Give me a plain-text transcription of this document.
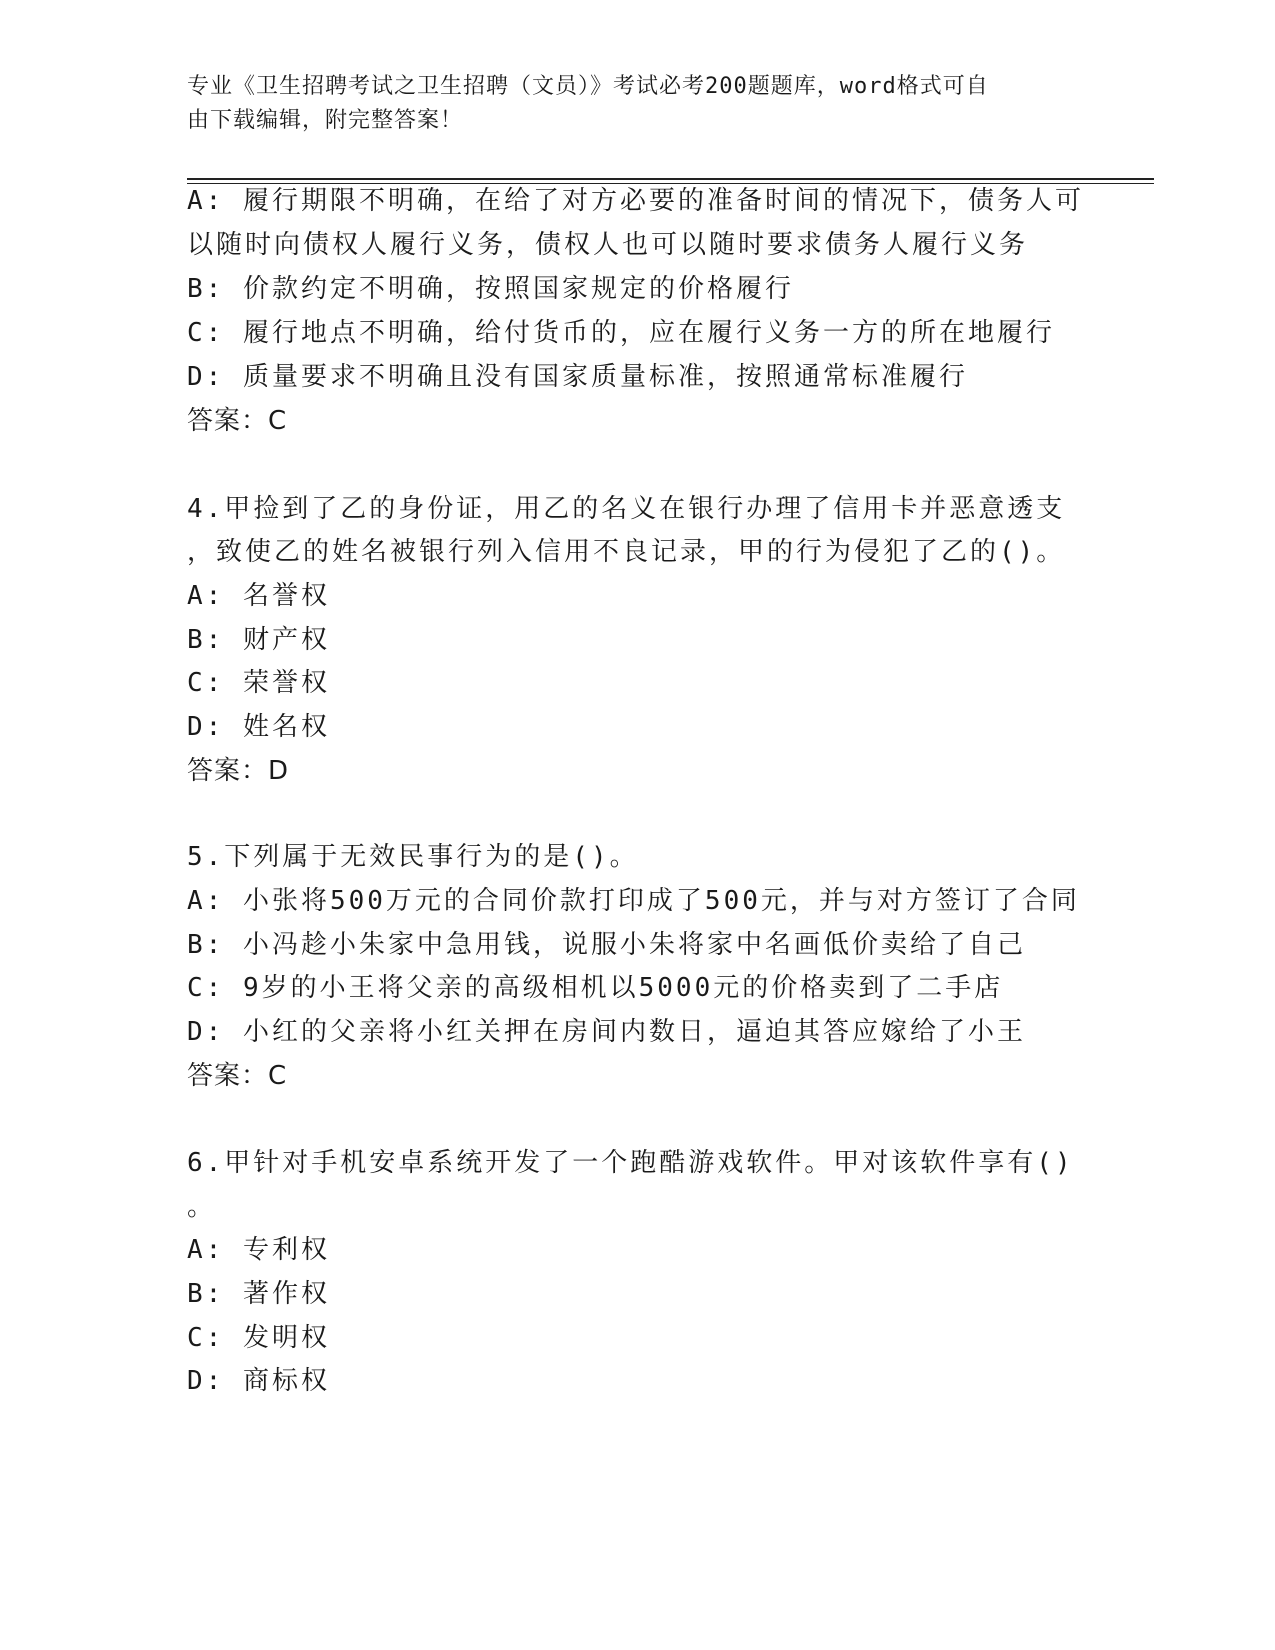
专业《卫生招聘考试之卫生招聘（文员）》考试必考200题题库，word格式可自
由下载编辑，附完整答案！
A: 履行期限不明确，在给了对方必要的准备时间的情况下，债务人可
以随时向债权人履行义务，债权人也可以随时要求债务人履行义务
B: 价款约定不明确，按照国家规定的价格履行
C: 履行地点不明确，给付货币的，应在履行义务一方的所在地履行
D: 质量要求不明确且没有国家质量标准，按照通常标准履行
答案：C
4.甲捡到了乙的身份证，用乙的名义在银行办理了信用卡并恶意透支
，致使乙的姓名被银行列入信用不良记录，甲的行为侵犯了乙的()。
A: 名誉权
B: 财产权
C: 荣誉权
D: 姓名权
答案：D
5.下列属于无效民事行为的是()。
A: 小张将500万元的合同价款打印成了500元，并与对方签订了合同
B: 小冯趁小朱家中急用钱，说服小朱将家中名画低价卖给了自己
C: 9岁的小王将父亲的高级相机以5000元的价格卖到了二手店
D: 小红的父亲将小红关押在房间内数日，逼迫其答应嫁给了小王
答案：C
6.甲针对手机安卓系统开发了一个跑酷游戏软件。甲对该软件享有()
。
A: 专利权
B: 著作权
C: 发明权
D: 商标权
